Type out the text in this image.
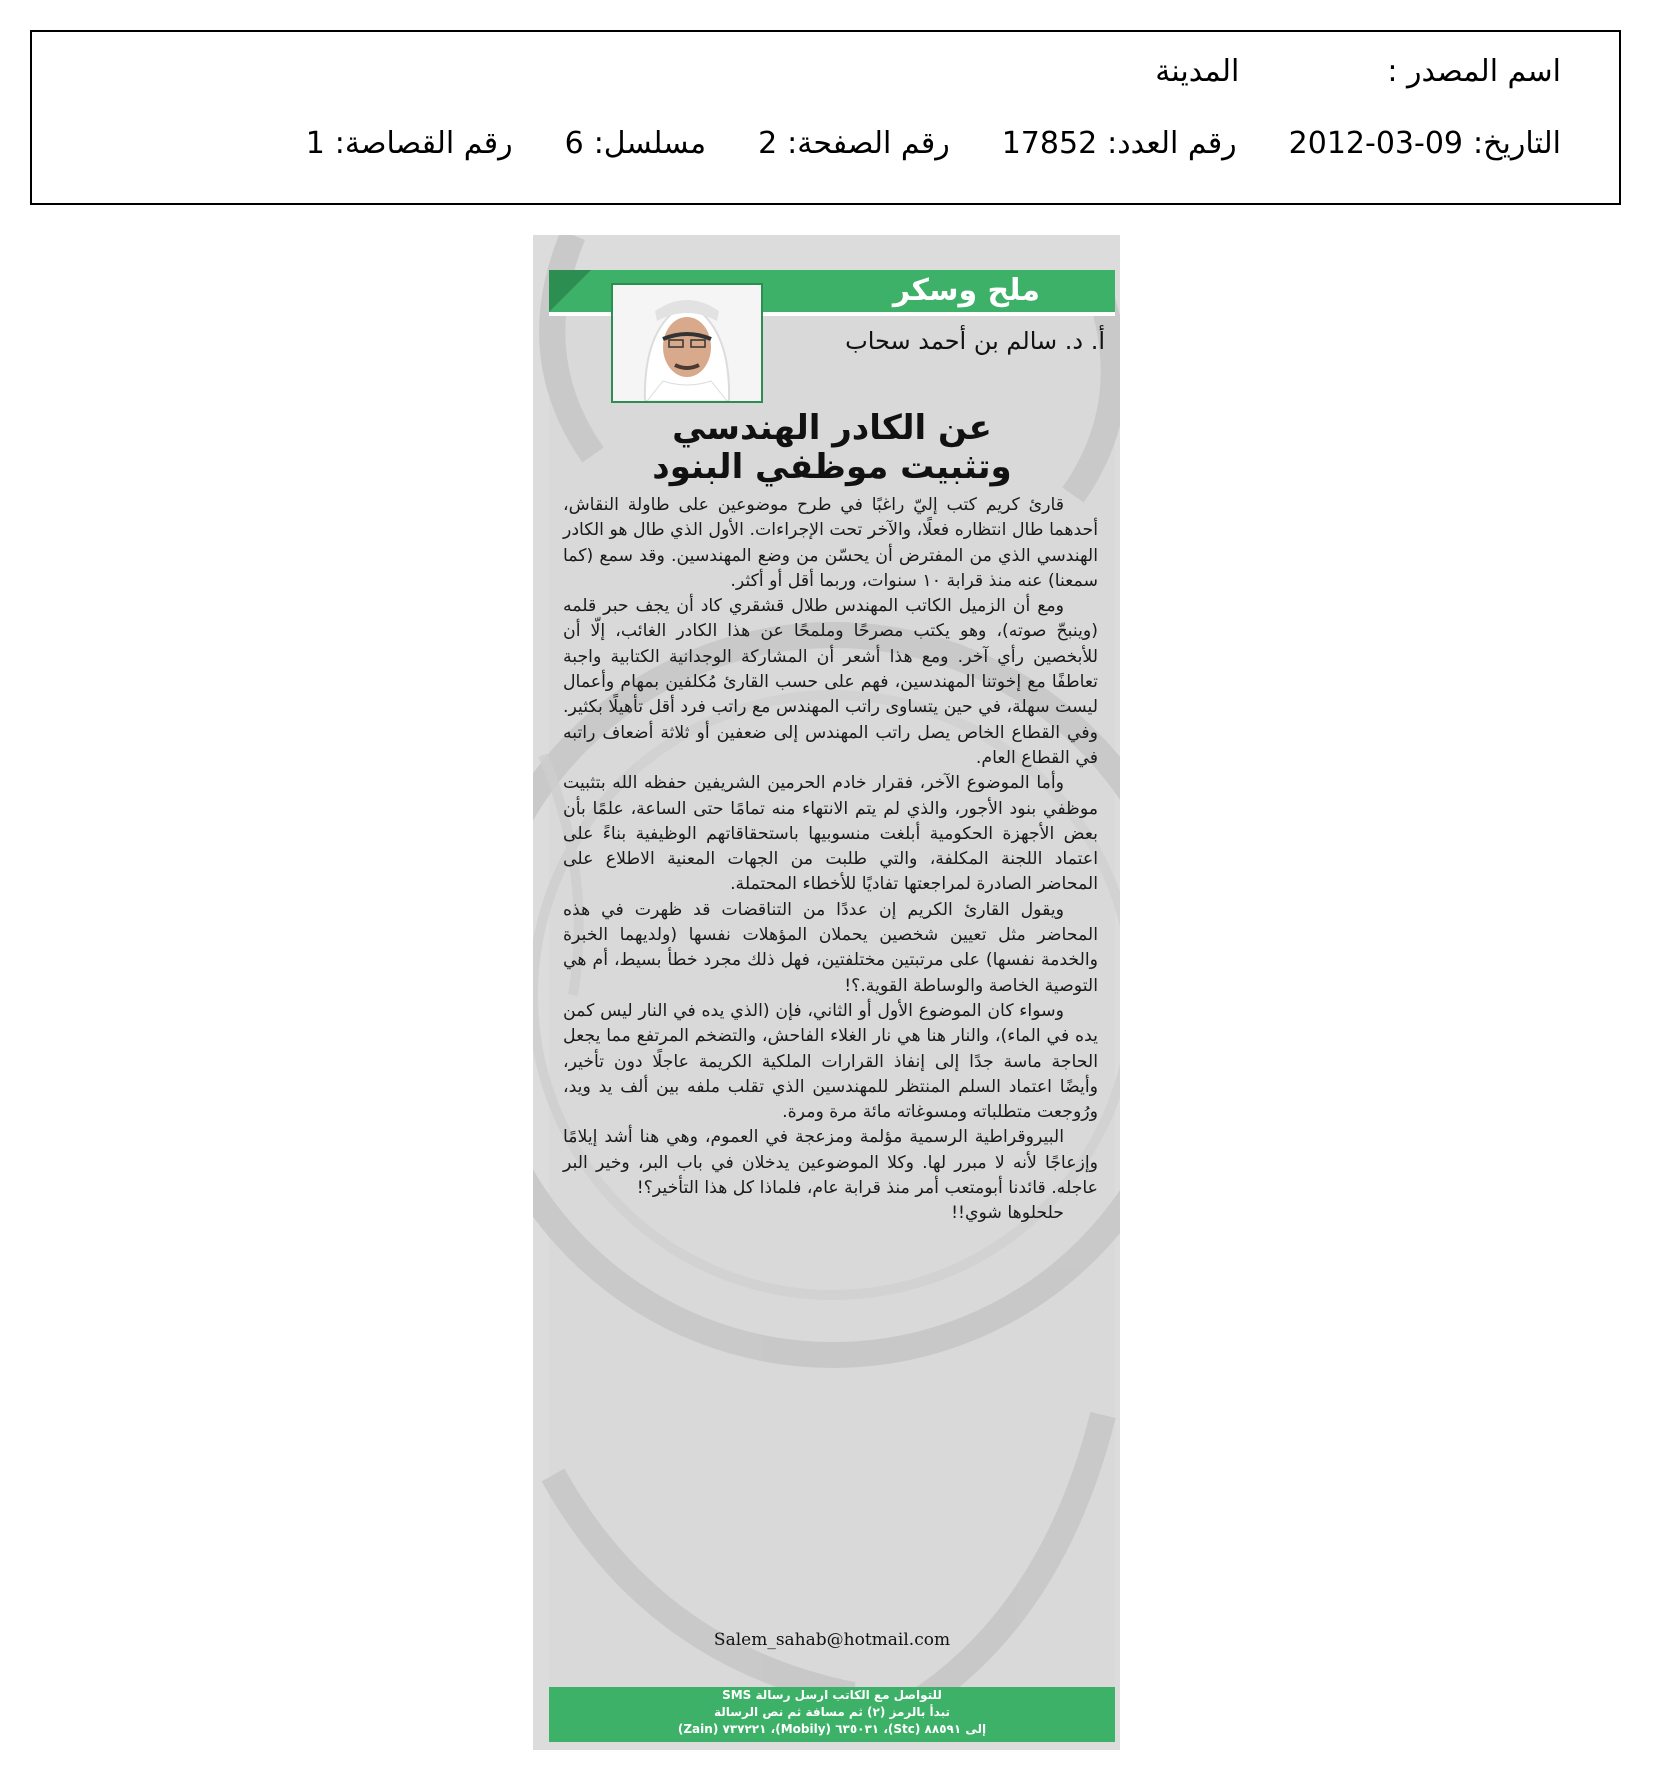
اسم المصدر :
المدينة
التاريخ:
2012-03-09
رقم العدد:
17852
رقم الصفحة:
2
مسلسل:
6
رقم القصاصة:
1
ملح وسكر
أ. د. سالم بن أحمد سحاب
عن الكادر الهندسي
وتثبيت موظفي البنود

قارئ كريم كتب إليّ راغبًا في طرح موضوعين على طاولة النقاش، أحدهما طال انتظاره فعلًا، والآخر تحت الإجراءات. الأول الذي طال هو الكادر الهندسي الذي من المفترض أن يحسّن من وضع المهندسين. وقد سمع (كما سمعنا) عنه منذ قرابة ١٠ سنوات، وربما أقل أو أكثر.

ومع أن الزميل الكاتب المهندس طلال قشقري كاد أن يجف حبر قلمه (وينبحّ صوته)، وهو يكتب مصرحًا وملمحًا عن هذا الكادر الغائب، إلّا أن للأبخصين رأي آخر. ومع هذا أشعر أن المشاركة الوجدانية الكتابية واجبة تعاطفًا مع إخوتنا المهندسين، فهم على حسب القارئ مُكلفين بمهام وأعمال ليست سهلة، في حين يتساوى راتب المهندس مع راتب فرد أقل تأهيلًا بكثير. وفي القطاع الخاص يصل راتب المهندس إلى ضعفين أو ثلاثة أضعاف راتبه في القطاع العام.

وأما الموضوع الآخر، فقرار خادم الحرمين الشريفين حفظه الله بتثبيت موظفي بنود الأجور، والذي لم يتم الانتهاء منه تمامًا حتى الساعة، علمًا بأن بعض الأجهزة الحكومية أبلغت منسوبيها باستحقاقاتهم الوظيفية بناءً على اعتماد اللجنة المكلفة، والتي طلبت من الجهات المعنية الاطلاع على المحاضر الصادرة لمراجعتها تفاديًا للأخطاء المحتملة.

ويقول القارئ الكريم إن عددًا من التناقضات قد ظهرت في هذه المحاضر مثل تعيين شخصين يحملان المؤهلات نفسها (ولديهما الخبرة والخدمة نفسها) على مرتبتين مختلفتين، فهل ذلك مجرد خطأ بسيط، أم هي التوصية الخاصة والوساطة القوية.؟!

وسواء كان الموضوع الأول أو الثاني، فإن (الذي يده في النار ليس كمن يده في الماء)، والنار هنا هي نار الغلاء الفاحش، والتضخم المرتفع مما يجعل الحاجة ماسة جدًا إلى إنفاذ القرارات الملكية الكريمة عاجلًا دون تأخير، وأيضًا اعتماد السلم المنتظر للمهندسين الذي تقلب ملفه بين ألف يد ويد، ورُوجعت متطلباته ومسوغاته مائة مرة ومرة.

البيروقراطية الرسمية مؤلمة ومزعجة في العموم، وهي هنا أشد إيلامًا وإزعاجًا لأنه لا مبرر لها. وكلا الموضوعين يدخلان في باب البر، وخير البر عاجله. قائدنا أبومتعب أمر منذ قرابة عام، فلماذا كل هذا التأخير؟!

حلحلوها شوي!!

Salem_sahab@hotmail.com
للتواصل مع الكاتب ارسل رسالة SMS
تبدأ بالرمز (٢) ثم مسافة ثم نص الرسالة
إلى ٨٨٥٩١ (Stc)، ٦٣٥٠٣١ (Mobily)، ٧٣٧٢٢١ (Zain)
